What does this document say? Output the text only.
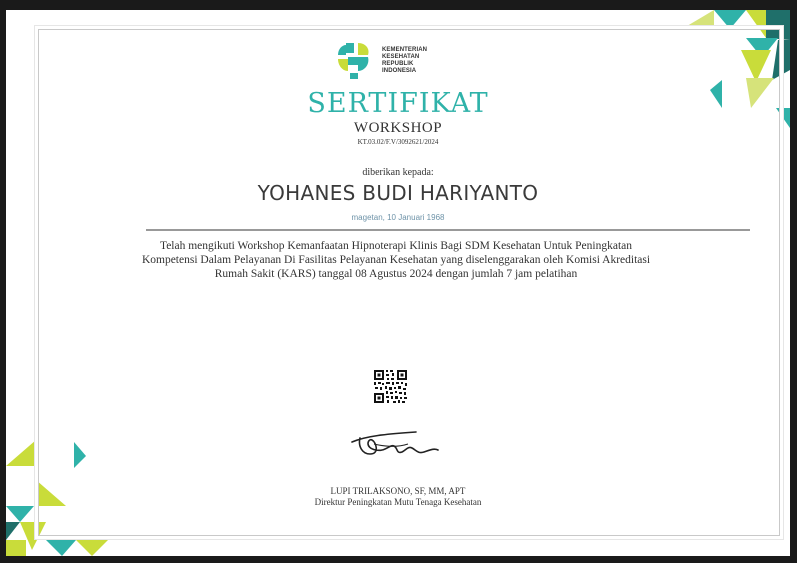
KEMENTERIAN
KESEHATAN
REPUBLIK
INDONESIA
SERTIFIKAT
WORKSHOP
KT.03.02/F.V/3092621/2024
diberikan kepada:
YOHANES BUDI HARIYANTO
magetan, 10 Januari 1968
Telah mengikuti Workshop Kemanfaatan Hipnoterapi Klinis Bagi SDM Kesehatan Untuk Peningkatan
Kompetensi Dalam Pelayanan Di Fasilitas Pelayanan Kesehatan yang diselenggarakan oleh Komisi Akreditasi
Rumah Sakit (KARS) tanggal 08 Agustus 2024 dengan jumlah 7 jam pelatihan
LUPI TRILAKSONO, SF, MM, APT
Direktur Peningkatan Mutu Tenaga Kesehatan
